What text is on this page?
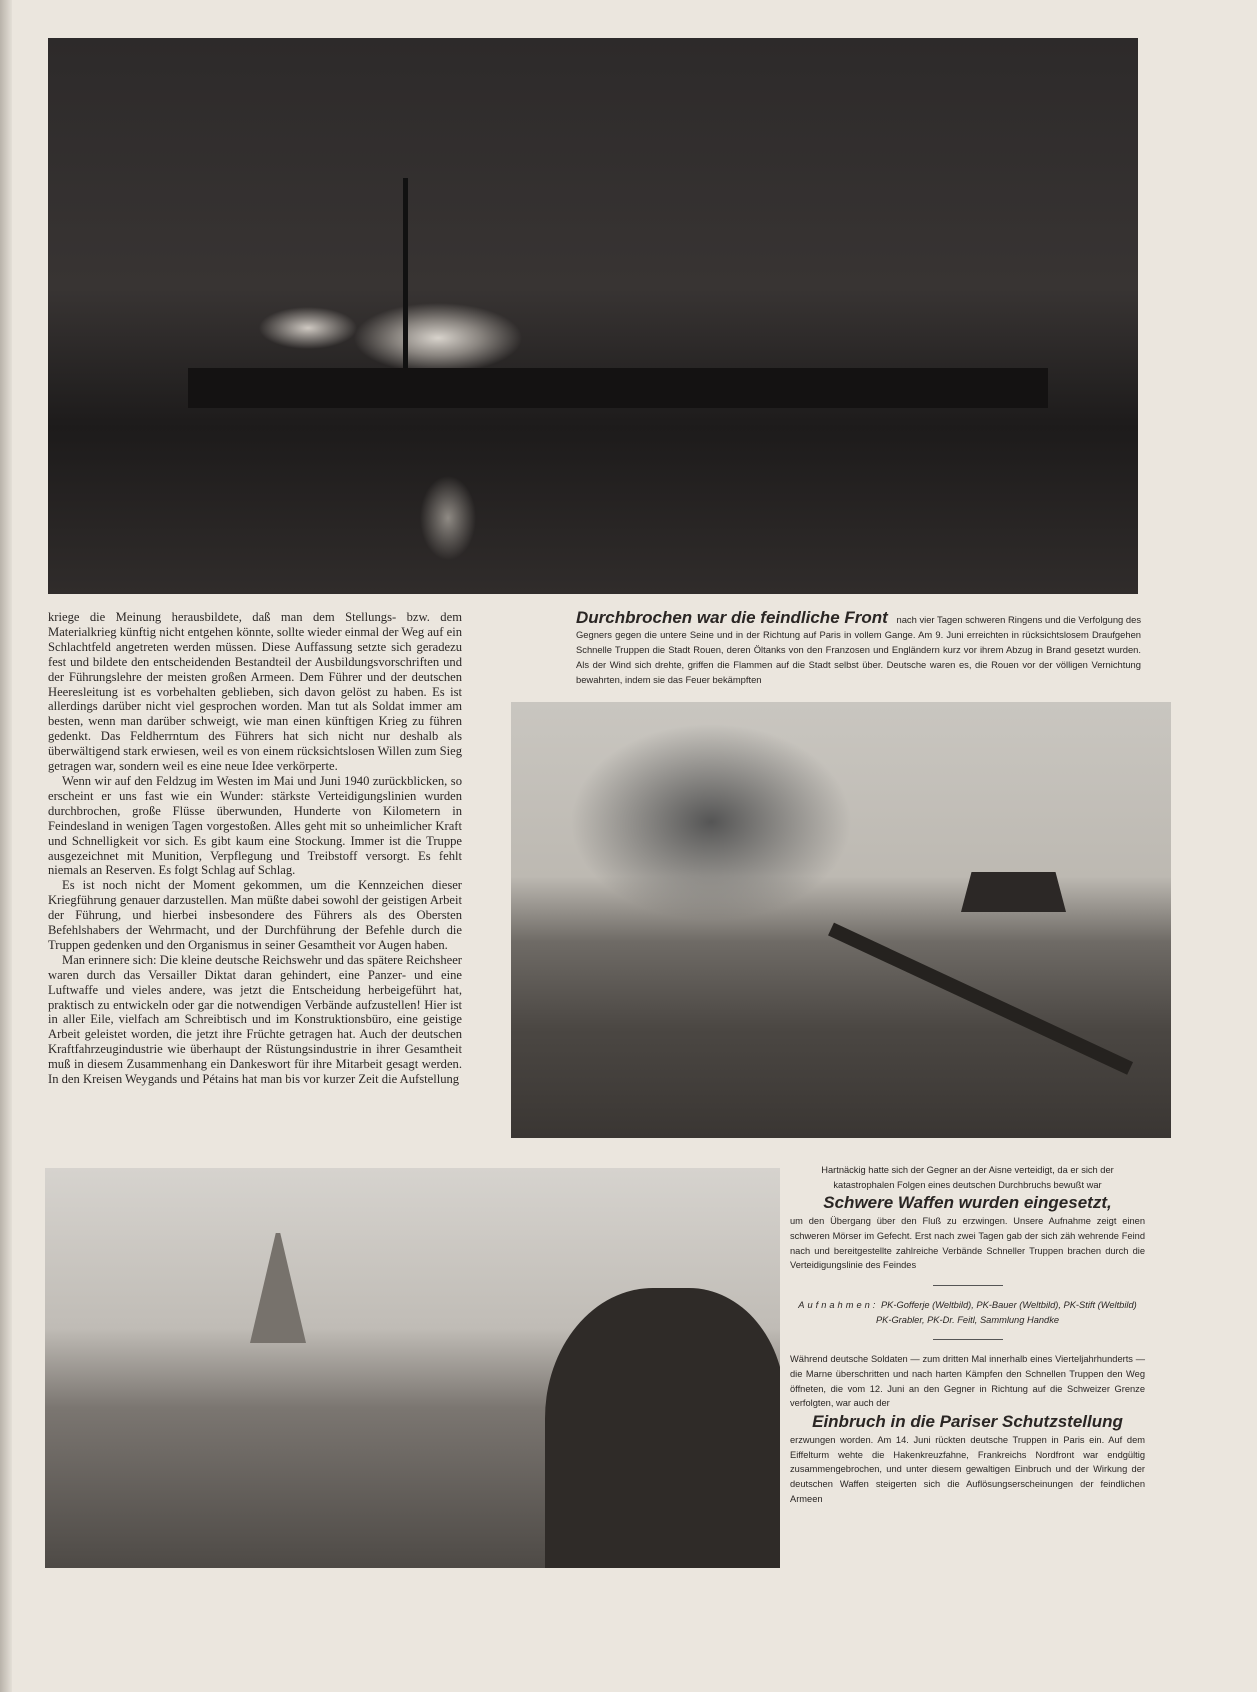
kriege die Meinung herausbildete, daß man dem Stellungs- bzw. dem Materialkrieg künftig nicht entgehen könnte, sollte wieder einmal der Weg auf ein Schlachtfeld angetreten werden müssen. Diese Auffassung setzte sich geradezu fest und bildete den entscheidenden Bestandteil der Ausbildungsvorschriften und der Führungslehre der meisten großen Armeen. Dem Führer und der deutschen Heeresleitung ist es vorbehalten geblieben, sich davon gelöst zu haben. Es ist allerdings darüber nicht viel gesprochen worden. Man tut als Soldat immer am besten, wenn man darüber schweigt, wie man einen künftigen Krieg zu führen gedenkt. Das Feldherrntum des Führers hat sich nicht nur deshalb als überwältigend stark erwiesen, weil es von einem rücksichtslosen Willen zum Sieg getragen war, sondern weil es eine neue Idee verkörperte.

Wenn wir auf den Feldzug im Westen im Mai und Juni 1940 zurückblicken, so erscheint er uns fast wie ein Wunder: stärkste Verteidigungslinien wurden durchbrochen, große Flüsse überwunden, Hunderte von Kilometern in Feindesland in wenigen Tagen vorgestoßen. Alles geht mit so unheimlicher Kraft und Schnelligkeit vor sich. Es gibt kaum eine Stockung. Immer ist die Truppe ausgezeichnet mit Munition, Verpflegung und Treibstoff versorgt. Es fehlt niemals an Reserven. Es folgt Schlag auf Schlag.

Es ist noch nicht der Moment gekommen, um die Kennzeichen dieser Kriegführung genauer darzustellen. Man müßte dabei sowohl der geistigen Arbeit der Führung, und hierbei insbesondere des Führers als des Obersten Befehlshabers der Wehrmacht, und der Durchführung der Befehle durch die Truppen gedenken und den Organismus in seiner Gesamtheit vor Augen haben.

Man erinnere sich: Die kleine deutsche Reichswehr und das spätere Reichsheer waren durch das Versailler Diktat daran gehindert, eine Panzer- und eine Luftwaffe und vieles andere, was jetzt die Entscheidung herbeigeführt hat, praktisch zu entwickeln oder gar die notwendigen Verbände aufzustellen! Hier ist in aller Eile, vielfach am Schreibtisch und im Konstruktionsbüro, eine geistige Arbeit geleistet worden, die jetzt ihre Früchte getragen hat. Auch der deutschen Kraftfahrzeugindustrie wie überhaupt der Rüstungsindustrie in ihrer Gesamtheit muß in diesem Zusammenhang ein Dankeswort für ihre Mitarbeit gesagt werden. In den Kreisen Weygands und Pétains hat man bis vor kurzer Zeit die Aufstellung

Durchbrochen war die feindliche Front nach vier Tagen schweren Ringens und die Verfolgung des Gegners gegen die untere Seine und in der Richtung auf Paris in vollem Gange. Am 9. Juni erreichten in rücksichtslosem Draufgehen Schnelle Truppen die Stadt Rouen, deren Öltanks von den Franzosen und Engländern kurz vor ihrem Abzug in Brand gesetzt wurden. Als der Wind sich drehte, griffen die Flammen auf die Stadt selbst über. Deutsche waren es, die Rouen vor der völligen Vernichtung bewahrten, indem sie das Feuer bekämpften

Hartnäckig hatte sich der Gegner an der Aisne verteidigt, da er sich der katastrophalen Folgen eines deutschen Durchbruchs bewußt war

Schwere Waffen wurden eingesetzt,

um den Übergang über den Fluß zu erzwingen. Unsere Aufnahme zeigt einen schweren Mörser im Gefecht. Erst nach zwei Tagen gab der sich zäh wehrende Feind nach und bereitgestellte zahlreiche Verbände Schneller Truppen brachen durch die Verteidigungslinie des Feindes

Aufnahmen: PK-Gofferje (Weltbild), PK-Bauer (Weltbild), PK-Stift (Weltbild) PK-Grabler, PK-Dr. Feitl, Sammlung Handke

Während deutsche Soldaten — zum dritten Mal innerhalb eines Vierteljahrhunderts — die Marne überschritten und nach harten Kämpfen den Schnellen Truppen den Weg öffneten, die vom 12. Juni an den Gegner in Richtung auf die Schweizer Grenze verfolgten, war auch der

Einbruch in die Pariser Schutzstellung

erzwungen worden. Am 14. Juni rückten deutsche Truppen in Paris ein. Auf dem Eiffelturm wehte die Hakenkreuzfahne, Frankreichs Nordfront war endgültig zusammengebrochen, und unter diesem gewaltigen Einbruch und der Wirkung der deutschen Waffen steigerten sich die Auflösungserscheinungen der feindlichen Armeen
